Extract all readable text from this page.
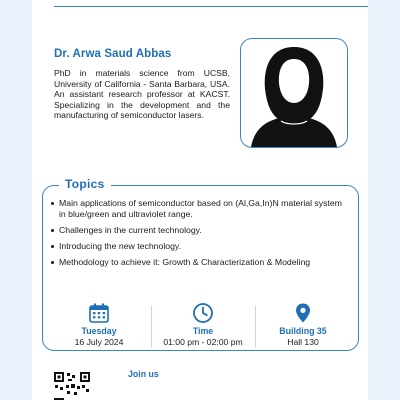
Dr. Arwa Saud Abbas
PhD in materials science from UCSB, University of California - Santa Barbara, USA. An assistant research professor at KACST. Specializing in the development and the manufacturing of semiconductor lasers.
Topics
Main applications of semiconductor based on (Al,Ga,In)N material system in blue/green and ultraviolet range.
Challenges in the current technology.
Introducing the new technology.
Methodology to achieve it: Growth & Characterization & Modeling
Tuesday
16 July 2024
Time
01:00 pm - 02:00 pm
Building 35
Hall 130
Join us
